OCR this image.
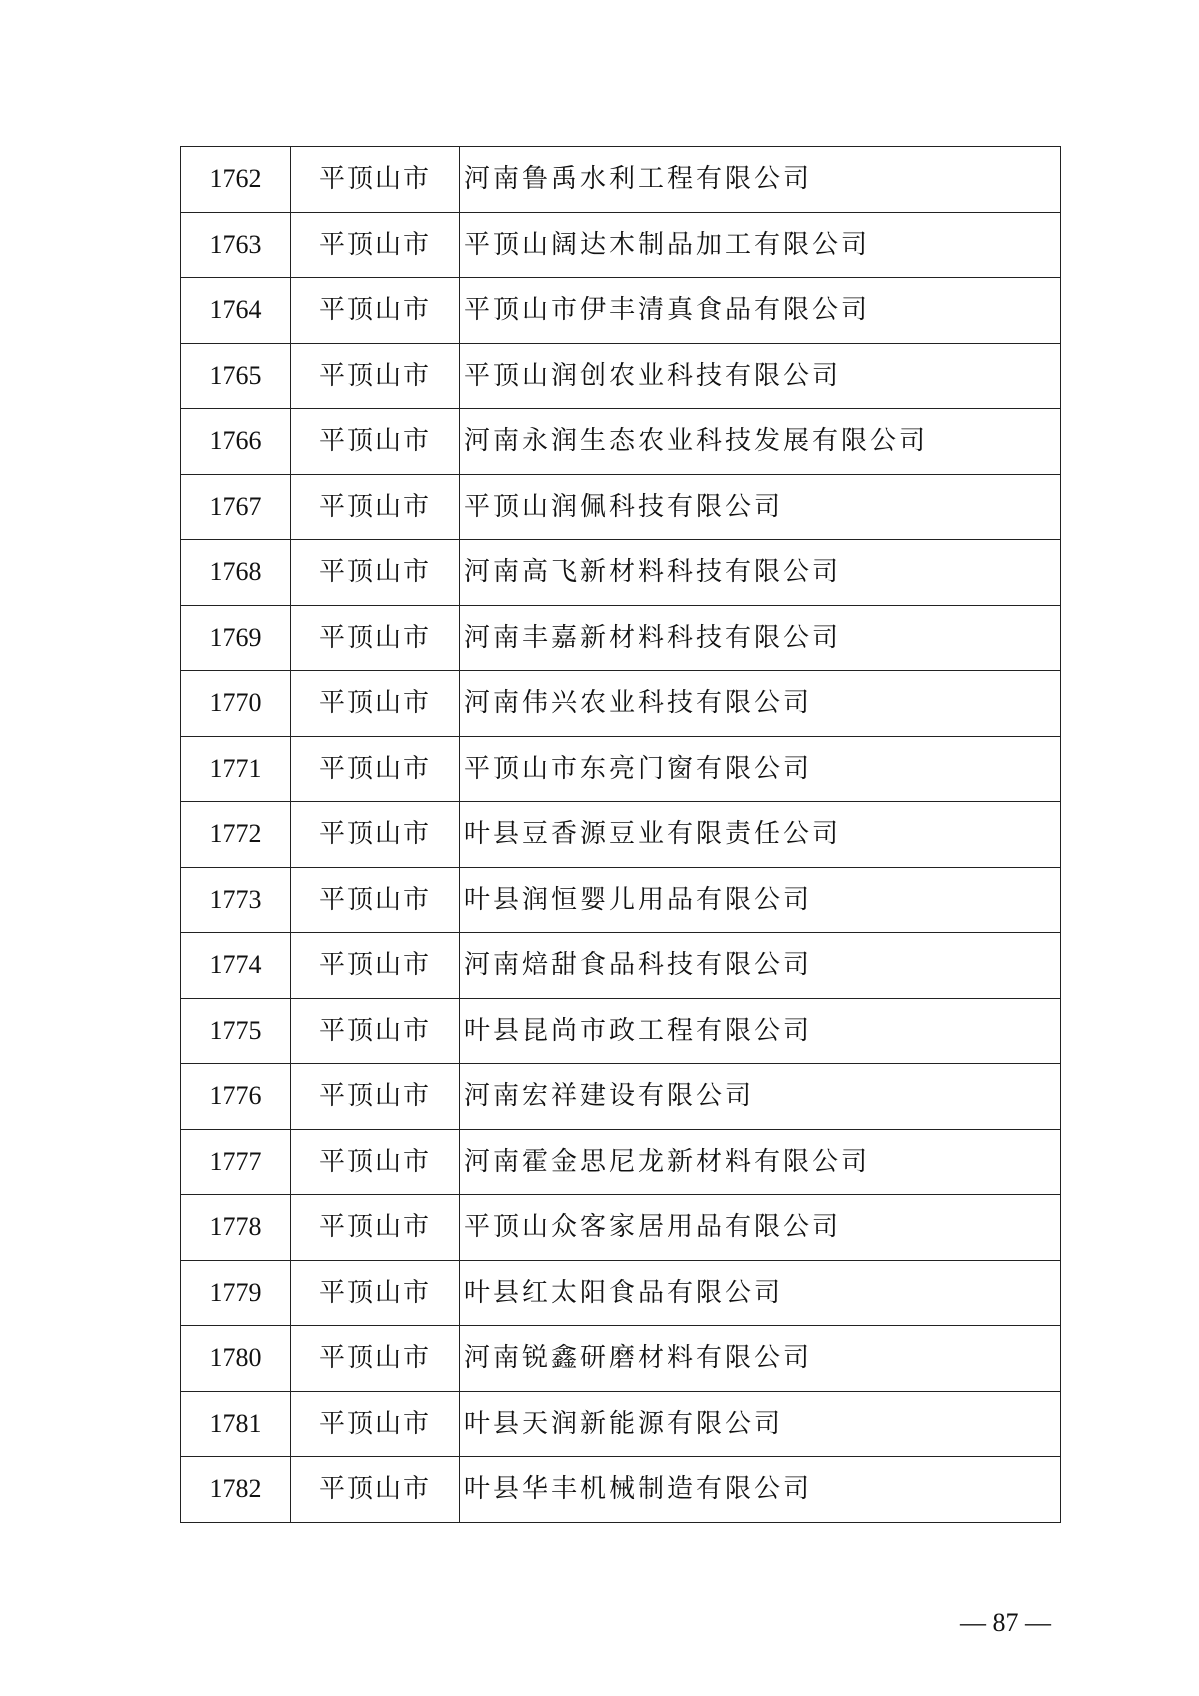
1762	平顶山市	河南鲁禹水利工程有限公司
1763	平顶山市	平顶山阔达木制品加工有限公司
1764	平顶山市	平顶山市伊丰清真食品有限公司
1765	平顶山市	平顶山润创农业科技有限公司
1766	平顶山市	河南永润生态农业科技发展有限公司
1767	平顶山市	平顶山润佩科技有限公司
1768	平顶山市	河南高飞新材料科技有限公司
1769	平顶山市	河南丰嘉新材料科技有限公司
1770	平顶山市	河南伟兴农业科技有限公司
1771	平顶山市	平顶山市东亮门窗有限公司
1772	平顶山市	叶县豆香源豆业有限责任公司
1773	平顶山市	叶县润恒婴儿用品有限公司
1774	平顶山市	河南焙甜食品科技有限公司
1775	平顶山市	叶县昆尚市政工程有限公司
1776	平顶山市	河南宏祥建设有限公司
1777	平顶山市	河南霍金思尼龙新材料有限公司
1778	平顶山市	平顶山众客家居用品有限公司
1779	平顶山市	叶县红太阳食品有限公司
1780	平顶山市	河南锐鑫研磨材料有限公司
1781	平顶山市	叶县天润新能源有限公司
1782	平顶山市	叶县华丰机械制造有限公司
— 87 —
